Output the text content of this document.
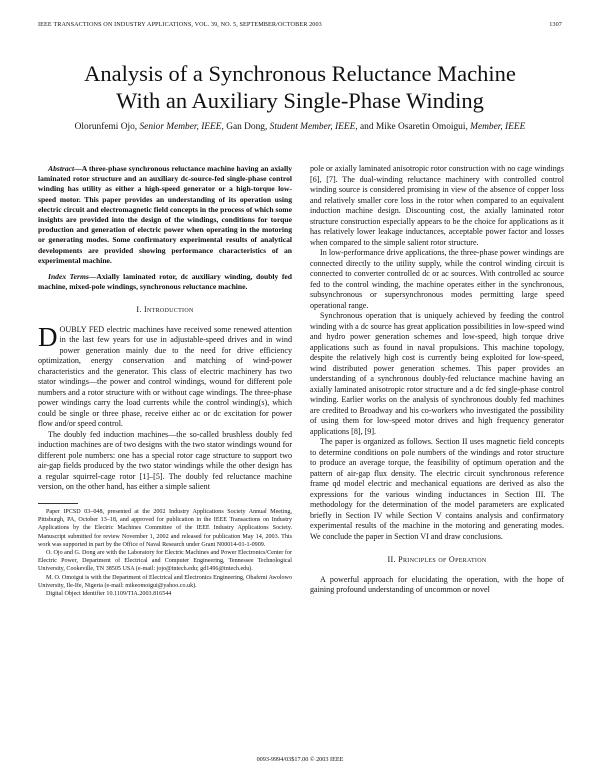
IEEE TRANSACTIONS ON INDUSTRY APPLICATIONS, VOL. 39, NO. 5, SEPTEMBER/OCTOBER 2003	1307
Analysis of a Synchronous Reluctance Machine
With an Auxiliary Single-Phase Winding
Olorunfemi Ojo, Senior Member, IEEE, Gan Dong, Student Member, IEEE, and Mike Osaretin Omoigui, Member, IEEE

Abstract—A three-phase synchronous reluctance machine having an axially laminated rotor structure and an auxiliary dc-source-fed single-phase control winding has utility as either a high-speed generator or a high-torque low-speed motor. This paper provides an understanding of its operation using electric circuit and electromagnetic field concepts in the process of which some insights are provided into the design of the windings, conditions for torque production and generation of electric power when operating in the motoring or generating modes. Some confirmatory experimental results of analytical developments are provided showing performance characteristics of an experimental machine.

Index Terms—Axially laminated rotor, dc auxiliary winding, doubly fed machine, mixed-pole windings, synchronous reluctance machine.

I. Introduction

DOUBLY FED electric machines have received some renewed attention in the last few years for use in adjustable-speed drives and in wind power generation mainly due to the need for drive efficiency optimization, energy conservation and matching of wind-power characteristics and the generator. This class of electric machinery has two stator windings—the power and control windings, wound for different pole numbers and a rotor structure with or without cage windings. The three-phase power windings carry the load currents while the control winding(s), which could be single or three phase, receive either ac or dc excitation for power flow and/or speed control.

The doubly fed induction machines—the so-called brushless doubly fed induction machines are of two designs with the two stator windings wound for different pole numbers: one has a special rotor cage structure to support two air-gap fields produced by the two stator windings while the other design has a regular squirrel-cage rotor [1]–[5]. The doubly fed reluctance machine version, on the other hand, has either a simple salient

Paper IPCSD 03–048, presented at the 2002 Industry Applications Society Annual Meeting, Pittsburgh, PA, October 13–18, and approved for publication in the IEEE Transactions on Industry Applications by the Electric Machines Committee of the IEEE Industry Applications Society. Manuscript submitted for review November 1, 2002 and released for publication May 14, 2003. This work was supported in part by the Office of Naval Research under Grant N00014-01-1-0909.

O. Ojo and G. Dong are with the Laboratory for Electric Machines and Power Electronics/Center for Electric Power, Department of Electrical and Computer Engineering, Tennessee Technological University, Cookeville, TN 38505 USA (e-mail: jojo@tntech.edu; gd1496@tntech.edu).

M. O. Omoigui is with the Department of Electrical and Electronics Engineering, Obafemi Awolowo University, Ile-Ife, Nigeria (e-mail: mikeomoigui@yahoo.co.uk).

Digital Object Identifier 10.1109/TIA.2003.816544

pole or axially laminated anisotropic rotor construction with no cage windings [6], [7]. The dual-winding reluctance machinery with controlled control winding source is considered promising in view of the absence of copper loss and relatively smaller core loss in the rotor when compared to an equivalent induction machine design. Discounting cost, the axially laminated rotor structure construction especially appears to be the choice for applications as it has relatively lower leakage inductances, acceptable power factor and losses when compared to the simple salient rotor structure.

In low-performance drive applications, the three-phase power windings are connected directly to the utility supply, while the control winding circuit is connected to converter controlled dc or ac sources. With controlled ac source fed to the control winding, the machine operates either in the synchronous, subsynchronous or supersynchronous modes permitting large speed operational range.

Synchronous operation that is uniquely achieved by feeding the control winding with a dc source has great application possibilities in low-speed wind and hydro power generation schemes and low-speed, high torque drive applications such as found in naval propulsions. This machine topology, despite the relatively high cost is currently being exploited for low-speed, wind distributed power generation schemes. This paper provides an understanding of a synchronous doubly-fed reluctance machine having an axially laminated anisotropic rotor structure and a dc fed single-phase control winding. Earlier works on the analysis of synchronous doubly fed machines are credited to Broadway and his co-workers who investigated the possibility of using them for low-speed motor drives and high frequency generator applications [8], [9].

The paper is organized as follows. Section II uses magnetic field concepts to determine conditions on pole numbers of the windings and rotor structure to produce an average torque, the feasibility of optimum operation and the pattern of air-gap flux density. The electric circuit synchronous reference frame qd model electric and mechanical equations are derived as also the expressions for the various winding inductances in Section III. The methodology for the determination of the model parameters are explicated briefly in Section IV while Section V contains analysis and confirmatory experimental results of the machine in the motoring and generating modes. We conclude the paper in Section VI and draw conclusions.

II. Principles of Operation

A powerful approach for elucidating the operation, with the hope of gaining profound understanding of uncommon or novel

0093-9994/03$17.00 © 2003 IEEE
